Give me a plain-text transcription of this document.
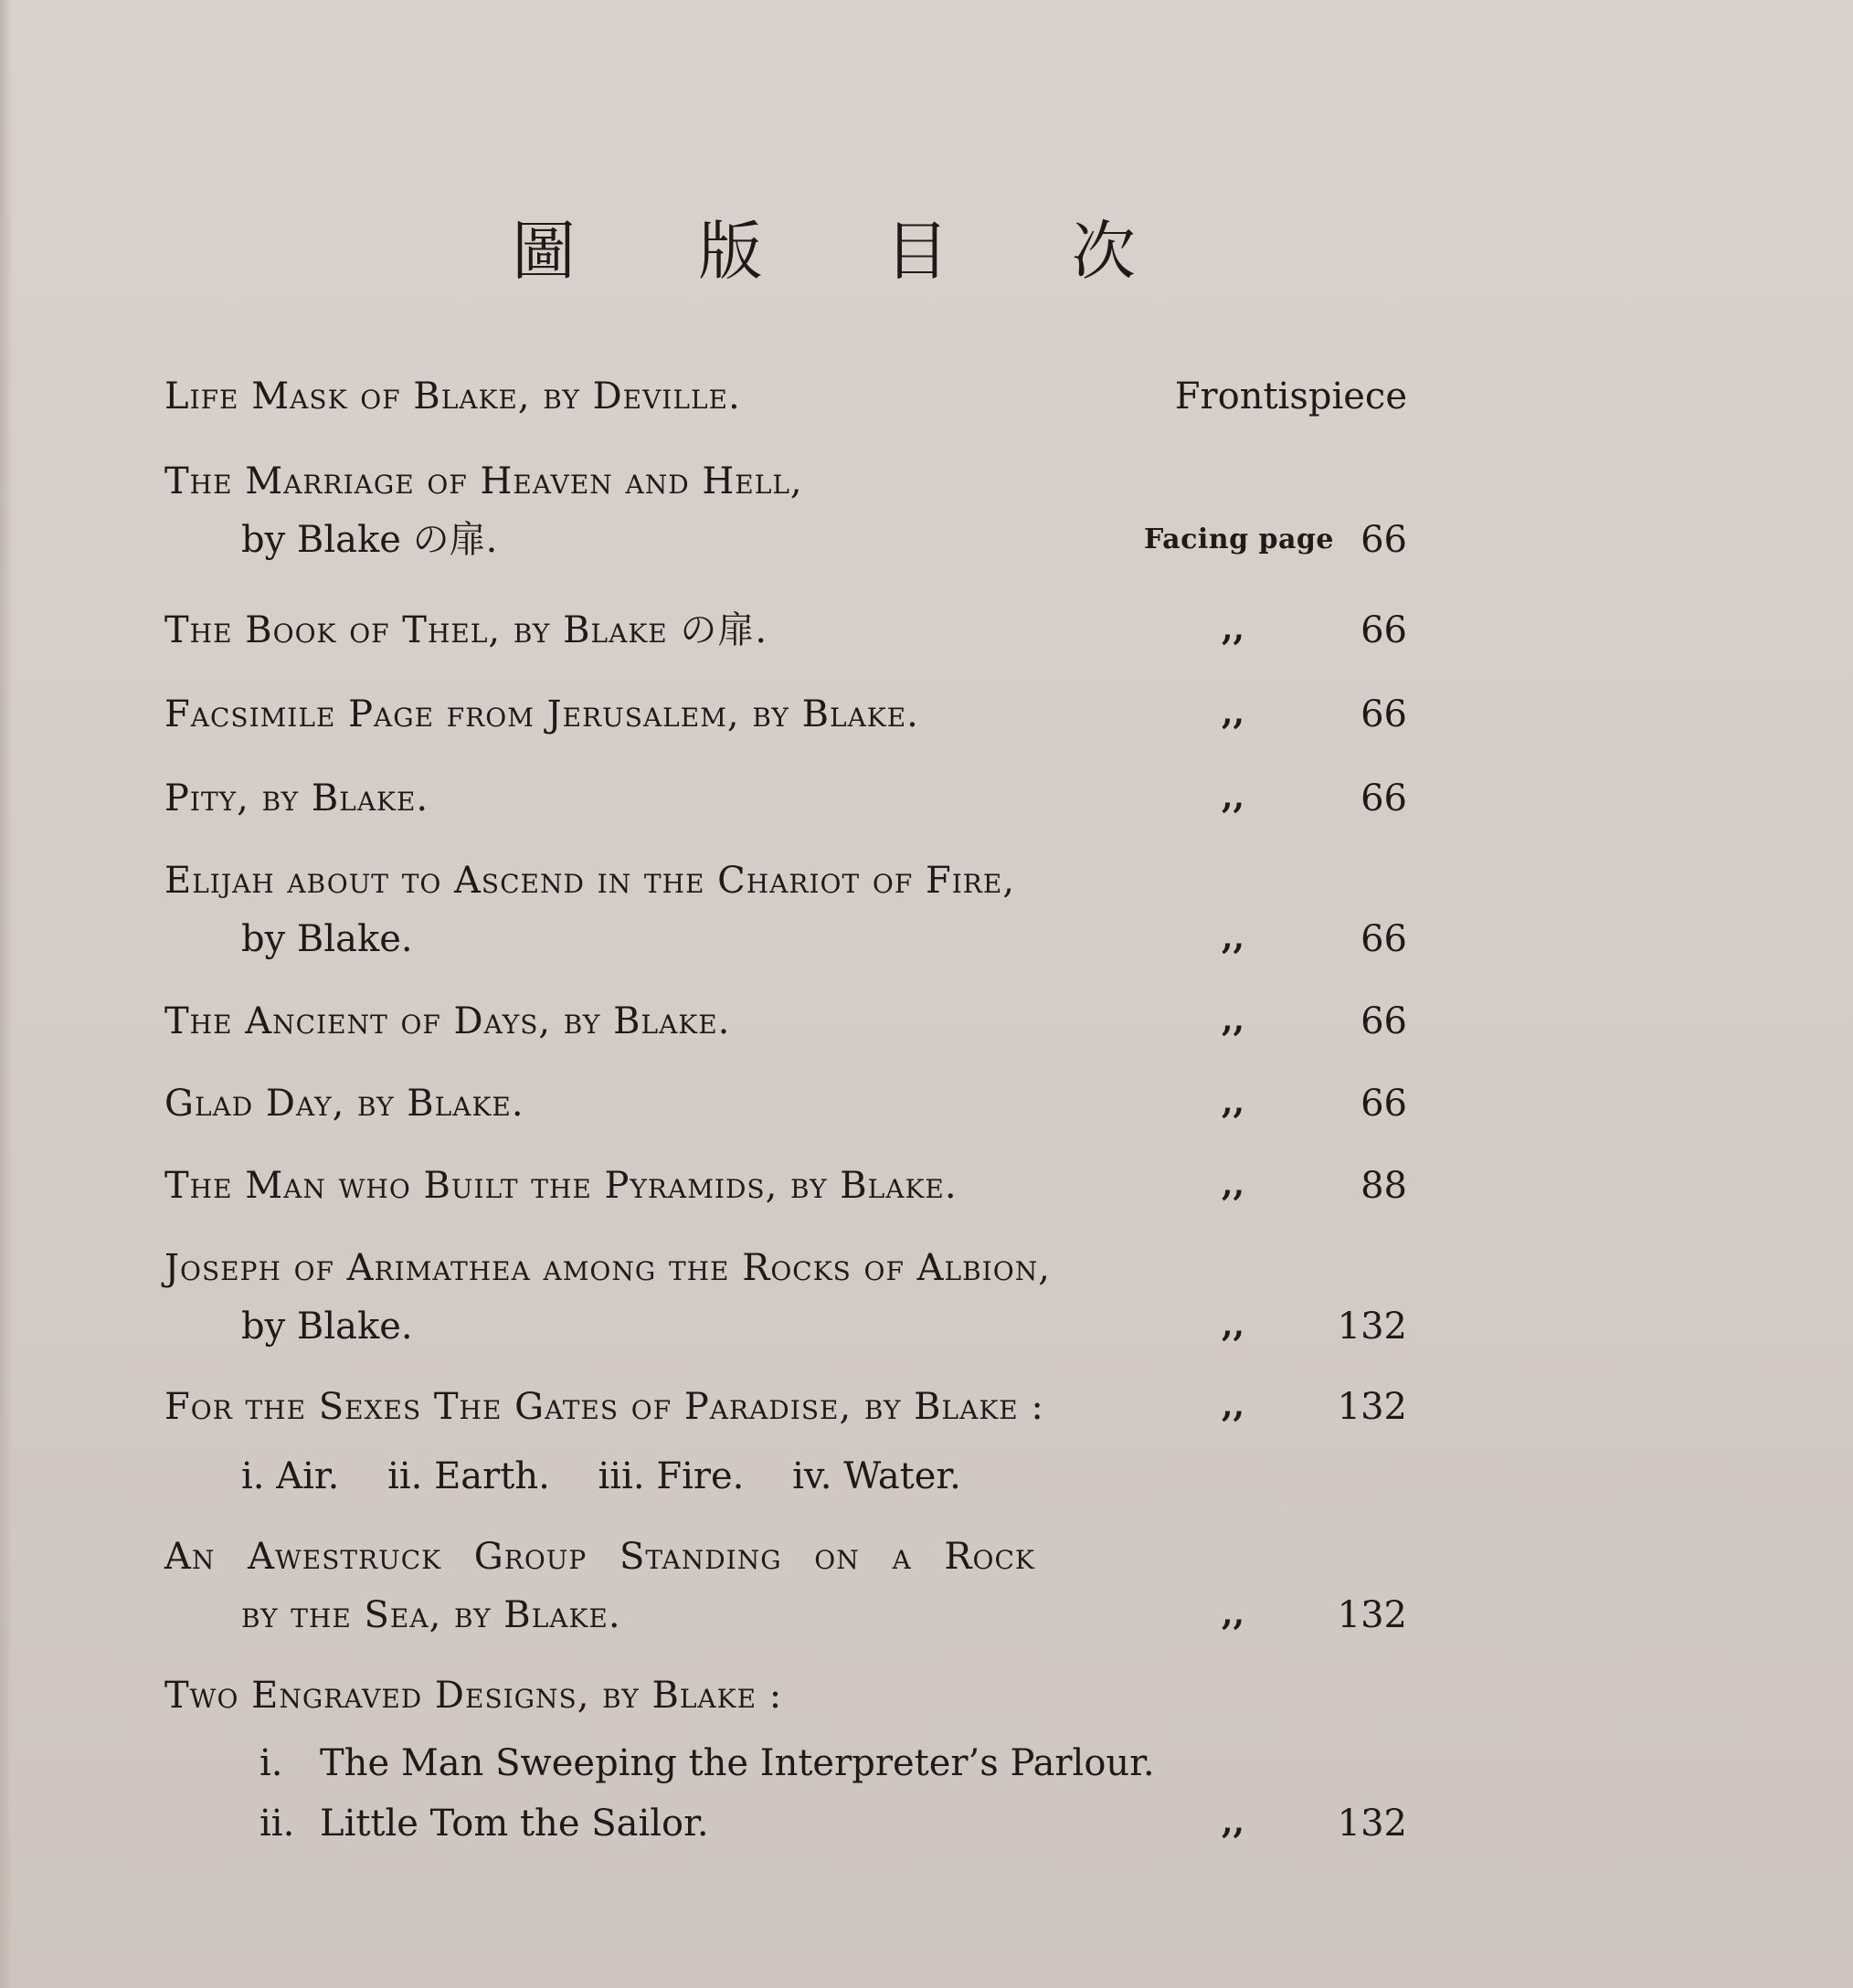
圖 版 目 次
Life Mask of Blake, by Deville.	Frontispiece
The Marriage of Heaven and Hell,
by Blake の扉.	Facing page 66
The Book of Thel, by Blake の扉.	,,	66
Facsimile Page from Jerusalem, by Blake.	,,	66
Pity, by Blake.	,,	66
Elijah about to Ascend in the Chariot of Fire,
by Blake.	,,	66
The Ancient of Days, by Blake.	,,	66
Glad Day, by Blake.	,,	66
The Man who Built the Pyramids, by Blake.	,,	88
Joseph of Arimathea among the Rocks of Albion,
by Blake.	,,	132
For the Sexes The Gates of Paradise, by Blake :	,,	132
i. Air. ii. Earth. iii. Fire. iv. Water.
An Awestruck Group Standing on a Rock
by the Sea, by Blake.	,,	132
Two Engraved Designs, by Blake :
i. The Man Sweeping the Interpreter’s Parlour.
ii. Little Tom the Sailor.	,,	132
